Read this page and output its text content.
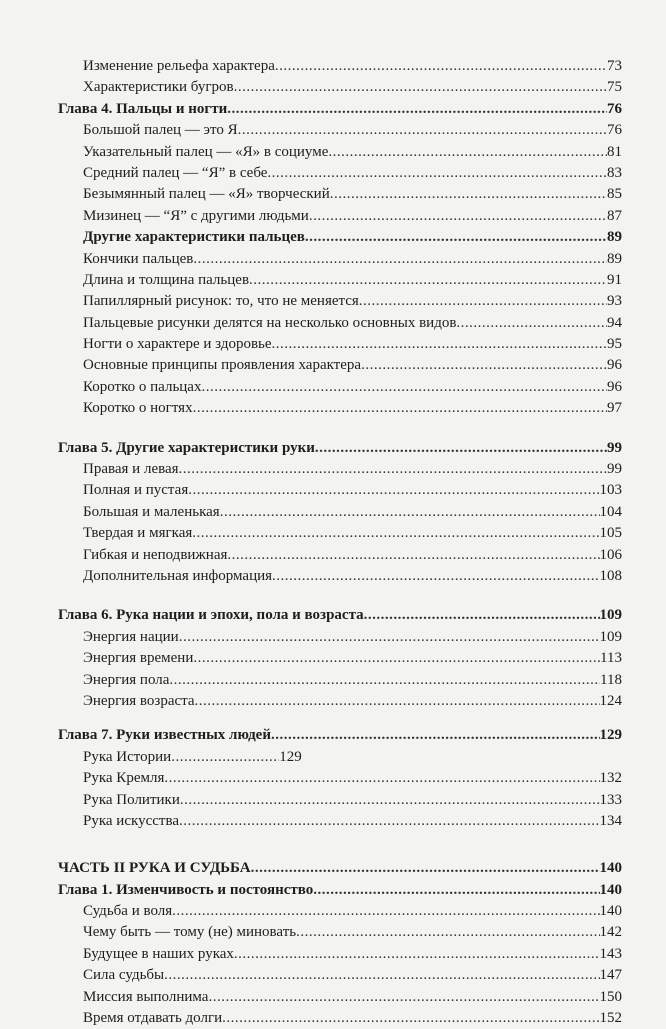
Изменение рельефа характера .....	73
Характеристики бугров .....	75
Глава 4. Пальцы и ногти .....	76
Большой палец — это Я .....	76
Указательный палец — «Я» в социуме .....	81
Средний палец — “Я” в себе .....	83
Безымянный палец — «Я» творческий .....	85
Мизинец — “Я” с другими людьми .....	87
Другие характеристики пальцев .....	89
Кончики пальцев .....	89
Длина и толщина пальцев .....	91
Папиллярный рисунок: то, что не меняется .....	93
Пальцевые рисунки делятся на несколько основных видов .....	94
Ногти о характере и здоровье .....	95
Основные принципы проявления характера .....	96
Коротко о пальцах .....	96
Коротко о ногтях .....	97
Глава 5. Другие характеристики руки .....	99
Правая и левая .....	99
Полная и пустая .....	103
Большая и маленькая .....	104
Твердая и мягкая .....	105
Гибкая и неподвижная .....	106
Дополнительная информация .....	108
Глава 6. Рука нации и эпохи, пола и возраста .....	109
Энергия нации .....	109
Энергия времени .....	113
Энергия пола .....	118
Энергия возраста .....	124
Глава 7. Руки известных людей .....	129
Рука Истории .....	129
Рука Кремля .....	132
Рука Политики .....	133
Рука искусства .....	134
ЧАСТЬ II РУКА И СУДЬБА .....	140
Глава 1. Изменчивость и постоянство .....	140
Судьба и воля .....	140
Чему быть — тому (не) миновать .....	142
Будущее в наших руках .....	143
Сила судьбы .....	147
Миссия выполнима .....	150
Время отдавать долги .....	152
